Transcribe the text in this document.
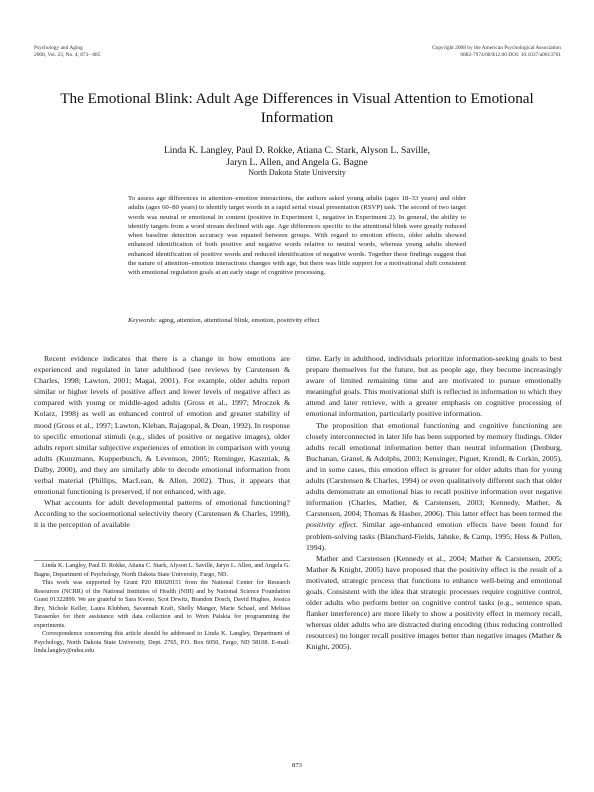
Psychology and Aging
2008, Vol. 23, No. 4, 873– 885
Copyright 2008 by the American Psychological Association
0882-7974/08/$12.00 DOI: 10.1037/a0013761
The Emotional Blink: Adult Age Differences in Visual Attention to Emotional Information
Linda K. Langley, Paul D. Rokke, Atiana C. Stark, Alyson L. Saville,
Jaryn L. Allen, and Angela G. Bagne
North Dakota State University

To assess age differences in attention–emotion interactions, the authors asked young adults (ages 18–33 years) and older adults (ages 60–80 years) to identify target words in a rapid serial visual presentation (RSVP) task. The second of two target words was neutral or emotional in content (positive in Experiment 1, negative in Experiment 2). In general, the ability to identify targets from a word stream declined with age. Age differences specific to the attentional blink were greatly reduced when baseline detection accuracy was equated between groups. With regard to emotion effects, older adults showed enhanced identification of both positive and negative words relative to neutral words, whereas young adults showed enhanced identification of positive words and reduced identification of negative words. Together these findings suggest that the nature of attention–emotion interactions changes with age, but there was little support for a motivational shift consistent with emotional regulation goals at an early stage of cognitive processing.

Keywords: aging, attention, attentional blink, emotion, positivity effect

Recent evidence indicates that there is a change in how emotions are experienced and regulated in later adulthood (see reviews by Carstensen & Charles, 1998; Lawton, 2001; Magai, 2001). For example, older adults report similar or higher levels of positive affect and lower levels of negative affect as compared with young or middle-aged adults (Gross et al., 1997; Mroczek & Kolarz, 1998) as well as enhanced control of emotion and greater stability of mood (Gross et al., 1997; Lawton, Kleban, Rajagopal, & Dean, 1992). In response to specific emotional stimuli (e.g., slides of positive or negative images), older adults report similar subjective experiences of emotion in comparison with young adults (Kunzmann, Kupperbusch, & Levenson, 2005; Reminger, Kaszniak, & Dalby, 2000), and they are similarly able to decode emotional information from verbal material (Phillips, MacLean, & Allen, 2002). Thus, it appears that emotional functioning is preserved, if not enhanced, with age.

What accounts for adult developmental patterns of emotional functioning? According to the socioemotional selectivity theory (Carstensen & Charles, 1998), it is the perception of available

time. Early in adulthood, individuals prioritize information-seeking goals to best prepare themselves for the future, but as people age, they become increasingly aware of limited remaining time and are motivated to pursue emotionally meaningful goals. This motivational shift is reflected in information to which they attend and later retrieve, with a greater emphasis on cognitive processing of emotional information, particularly positive information.

The proposition that emotional functioning and cognitive functioning are closely interconnected in later life has been supported by memory findings. Older adults recall emotional information better than neutral information (Denburg, Buchanan, Granel, & Adolphs, 2003; Kensinger, Piguet, Krendl, & Corkin, 2005), and in some cases, this emotion effect is greater for older adults than for young adults (Carstensen & Charles, 1994) or even qualitatively different such that older adults demonstrate an emotional bias to recall positive information over negative information (Charles, Mather, & Carstensen, 2003; Kennedy, Mather, & Carstensen, 2004; Thomas & Hasher, 2006). This latter effect has been termed the positivity effect. Similar age-enhanced emotion effects have been found for problem-solving tasks (Blanchard-Fields, Jahnke, & Camp, 1995; Hess & Pullen, 1994).

Mather and Carstensen (Kennedy et al., 2004; Mather & Carstensen, 2005; Mather & Knight, 2005) have proposed that the positivity effect is the result of a motivated, strategic process that functions to enhance well-being and emotional goals. Consistent with the idea that strategic processes require cognitive control, older adults who perform better on cognitive control tasks (e.g., sentence span, flanker interference) are more likely to show a positivity effect in memory recall, whereas older adults who are distracted during encoding (thus reducing controlled resources) no longer recall positive images better than negative images (Mather & Knight, 2005).

Linda K. Langley, Paul D. Rokke, Atiana C. Stark, Alyson L. Saville, Jaryn L. Allen, and Angela G. Bagne, Department of Psychology, North Dakota State University, Fargo, ND.

This work was supported by Grant P20 RR020151 from the National Center for Research Resources (NCRR) of the National Institutes of Health (NIH) and by National Science Foundation Grant 01322899. We are grateful to Sara Kveno, Scot Drwitz, Brandon Dosch, David Hughes, Jessica Ihry, Nichole Keller, Laura Klubben, Savannah Kraft, Shelly Manger, Marie Schaaf, and Melissa Tarasenko for their assistance with data collection and to Wren Paiskia for programming the experiments.

Correspondence concerning this article should be addressed to Linda K. Langley, Department of Psychology, North Dakota State University, Dept. 2765, P.O. Box 6050, Fargo, ND 58108. E-mail: linda.langley@ndsu.edu

873
